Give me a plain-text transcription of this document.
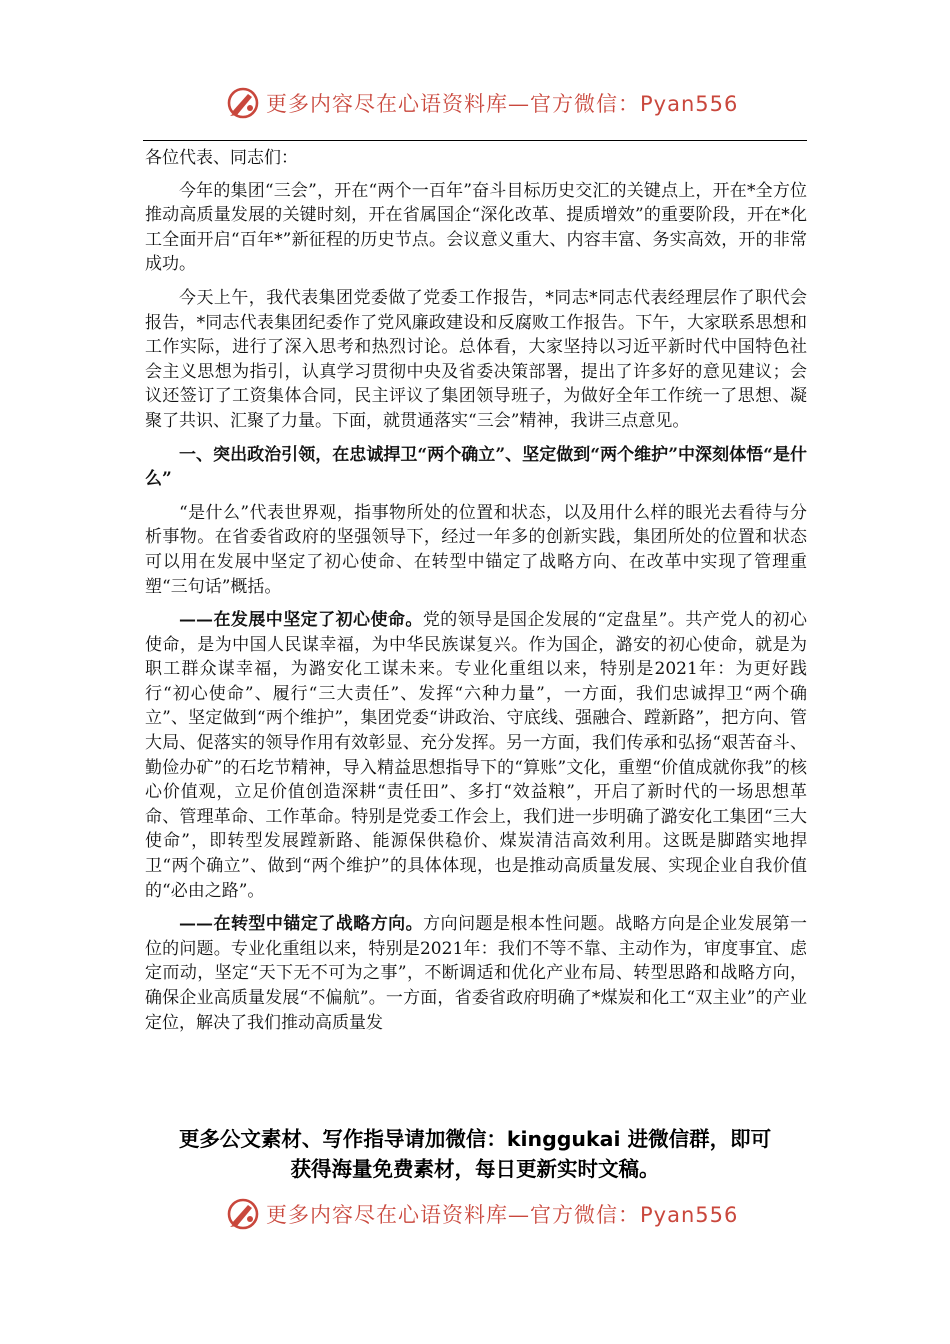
更多内容尽在心语资料库—官方微信：Pyan556

各位代表、同志们：

今年的集团“三会”，开在“两个一百年”奋斗目标历史交汇的关键点上，开在*全方位推动高质量发展的关键时刻，开在省属国企“深化改革、提质增效”的重要阶段，开在*化工全面开启“百年*”新征程的历史节点。会议意义重大、内容丰富、务实高效，开的非常成功。

今天上午，我代表集团党委做了党委工作报告，*同志*同志代表经理层作了职代会报告，*同志代表集团纪委作了党风廉政建设和反腐败工作报告。下午，大家联系思想和工作实际，进行了深入思考和热烈讨论。总体看，大家坚持以习近平新时代中国特色社会主义思想为指引，认真学习贯彻中央及省委决策部署，提出了许多好的意见建议；会议还签订了工资集体合同，民主评议了集团领导班子，为做好全年工作统一了思想、凝聚了共识、汇聚了力量。下面，就贯通落实“三会”精神，我讲三点意见。

一、突出政治引领，在忠诚捍卫“两个确立”、坚定做到“两个维护”中深刻体悟“是什么”

“是什么”代表世界观，指事物所处的位置和状态，以及用什么样的眼光去看待与分析事物。在省委省政府的坚强领导下，经过一年多的创新实践，集团所处的位置和状态可以用在发展中坚定了初心使命、在转型中锚定了战略方向、在改革中实现了管理重塑“三句话”概括。

——在发展中坚定了初心使命。党的领导是国企发展的“定盘星”。共产党人的初心使命，是为中国人民谋幸福，为中华民族谋复兴。作为国企，潞安的初心使命，就是为职工群众谋幸福，为潞安化工谋未来。专业化重组以来，特别是2021年：为更好践行“初心使命”、履行“三大责任”、发挥“六种力量”，一方面，我们忠诚捍卫“两个确立”、坚定做到“两个维护”，集团党委“讲政治、守底线、强融合、蹚新路”，把方向、管大局、促落实的领导作用有效彰显、充分发挥。另一方面，我们传承和弘扬“艰苦奋斗、勤俭办矿”的石圪节精神，导入精益思想指导下的“算账”文化，重塑“价值成就你我”的核心价值观，立足价值创造深耕“责任田”、多打“效益粮”，开启了新时代的一场思想革命、管理革命、工作革命。特别是党委工作会上，我们进一步明确了潞安化工集团“三大使命”，即转型发展蹚新路、能源保供稳价、煤炭清洁高效利用。这既是脚踏实地捍卫“两个确立”、做到“两个维护”的具体体现，也是推动高质量发展、实现企业自我价值的“必由之路”。

——在转型中锚定了战略方向。方向问题是根本性问题。战略方向是企业发展第一位的问题。专业化重组以来，特别是2021年：我们不等不靠、主动作为，审度事宜、虑定而动，坚定“天下无不可为之事”，不断调适和优化产业布局、转型思路和战略方向，确保企业高质量发展“不偏航”。一方面，省委省政府明确了*煤炭和化工“双主业”的产业定位，解决了我们推动高质量发

更多公文素材、写作指导请加微信：kinggukai 进微信群，即可
获得海量免费素材，每日更新实时文稿。
更多内容尽在心语资料库—官方微信：Pyan556
